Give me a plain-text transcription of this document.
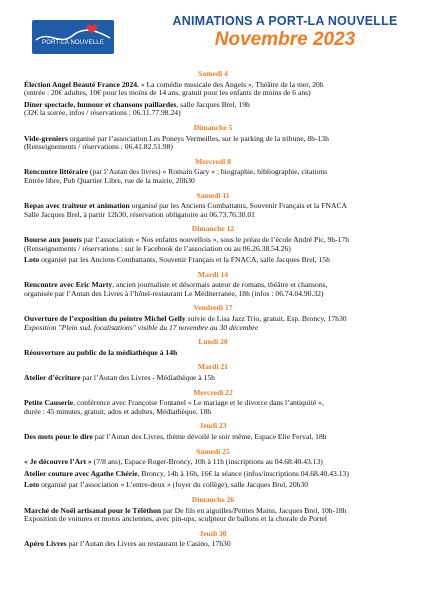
PORT-LA NOUVELLE
ANIMATIONS A PORT-LA NOUVELLE
Novembre 2023
Samedi 4
Élection Angel Beauté France 2024. « La comédie musicale des Angels », Théâtre de la mer, 20h
(entrée : 20€ adultes, 10€ pour les moins de 14 ans, gratuit pour les enfants de moins de 6 ans)
Dîner spectacle, humour et chansons paillardes, salle Jacques Brel, 19h
(32€ la soirée, infos / réservations : 06.11.77.98.24)
Dimanche 5
Vide-greniers organisé par l’association Les Poneys Vermeilles, sur le parking de la tribune, 8h-13h
(Renseignements / réservations : 06.41.82.51.98)
Mercredi 8
Rencontre littéraire (par l’Autan des livres) « Romain Gary » : biographie, bibliographie, citations
Entrée libre, Pub Quartier Libre, rue de la mairie, 20h30
Samedi 11
Repas avec traiteur et animation organisé par les Anciens Combattants, Souvenir Français et la FNACA
Salle Jacques Brel, à partir 12h30, réservation obligatoire au 06.73.76.30.01
Dimanche 12
Bourse aux jouets par l’association « Nos enfants nouvellois », sous le préau de l’école André Pic, 9h-17h
(Renseignements / réservations : sur le Facebook de l’association ou au 06.26.38.54.26)
Loto organisé par les Anciens Combattants, Souvenir Français et la FNACA, salle Jacques Brel, 15h
Mardi 14
Rencontre avec Eric Marty, ancien journaliste et désormais auteur de romans, théâtre et chansons,
organisée par l’Autan des Livres à l’hôtel-restaurant Le Méditerranée, 18h (infos : 06.74.04.90.32)
Vendredi 17
Ouverture de l’exposition du peintre Michel Gelly suivie de Lisa Jazz Trio, gratuit, Esp. Broncy, 17h30
Exposition "Plein sud, focalisations" visible du 17 novembre au 30 décembre
Lundi 20
Réouverture au public de la médiathèque à 14h
Mardi 21
Atelier d’écriture par l’Autan des Livres - Médiathèque à 15h
Mercredi 22
Petite Causerie, conférence avec Françoise Fontanel « Le mariage et le divorce dans l’antiquité »,
durée : 45 minutes, gratuit, ados et adultes, Médiathèque, 18h
Jeudi 23
Des mots pour le dire par l’Autan des Livres, thème dévoilé le soir même, Espace Elie Ferval, 18h
Samedi 25
« Je découvre l’Art » (7/8 ans), Espace Roger-Broncy, 10h à 11h (inscriptions au 04.68.40.43.13)
Atelier couture avec Agathe Chérie, Broncy, 14h à 16h, 16€ la séance (infos/inscriptions 04.68.40.43.13)
Loto organisé par l’association « L’entre-deux » (foyer du collège), salle Jacques Brel, 20h30
Dimanche 26
Marché de Noël artisanal pour le Téléthon par De fils en aiguilles/Petites Mains, Jacques Brel, 10h-18h
Exposition de voitures et motos anciennes, avec pin-ups, sculpteur de ballons et la chorale de Portel
Jeudi 30
Apéro Livres par l’Autan des Livres au restaurant le Casino, 17h30
